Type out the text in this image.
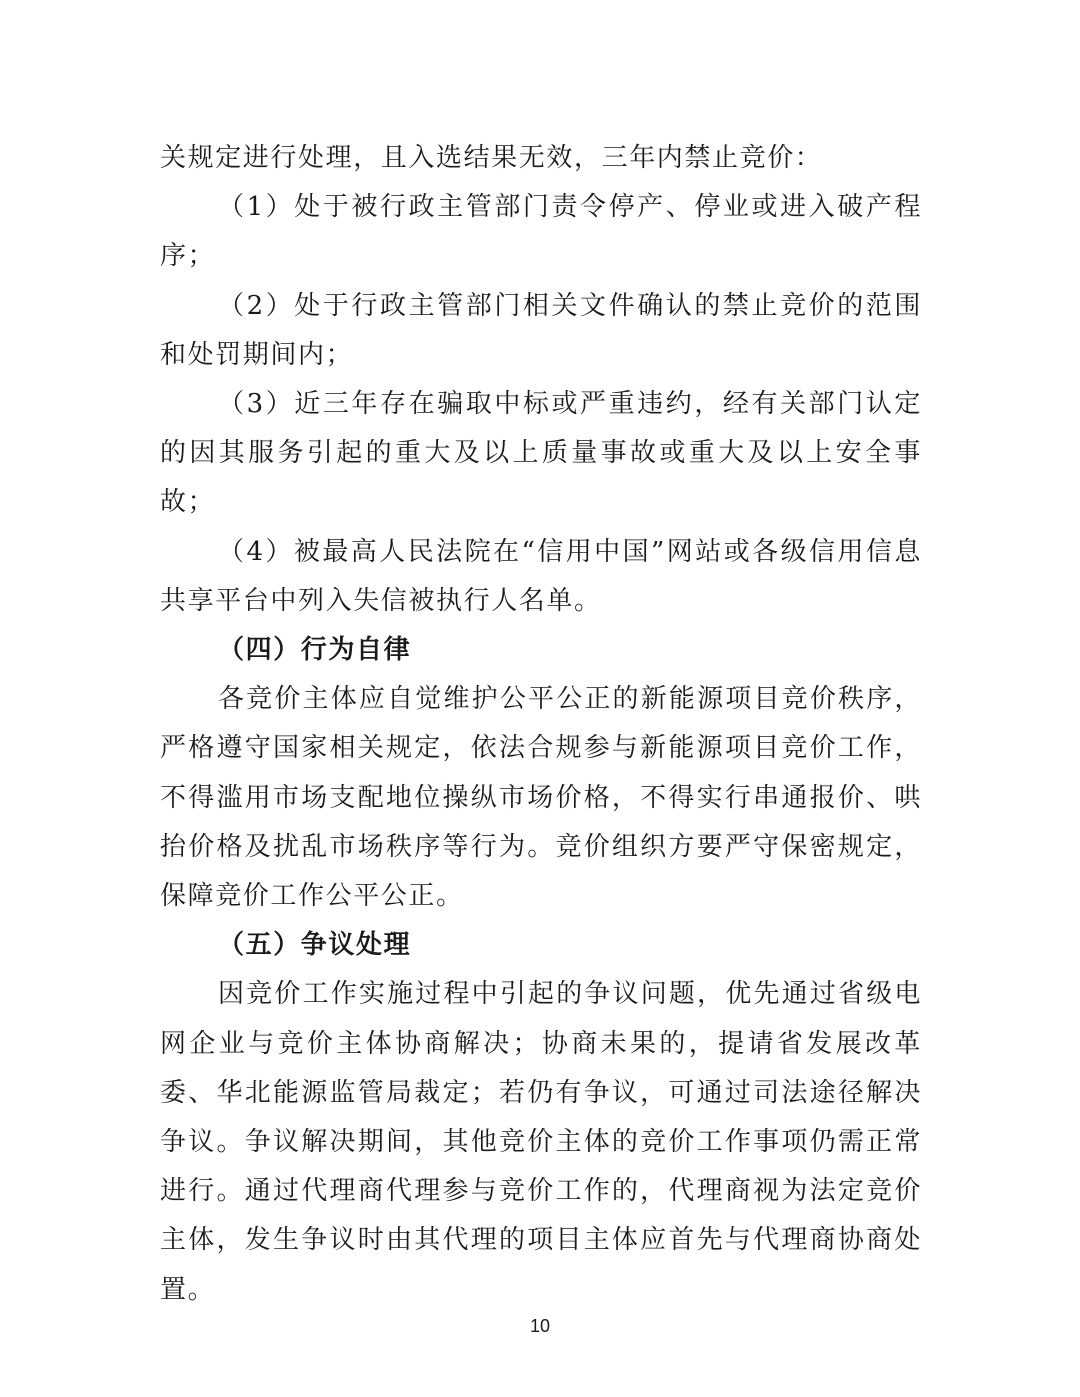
关规定进行处理，且入选结果无效，三年内禁止竞价：

（1）处于被行政主管部门责令停产、停业或进入破产程序；

（2）处于行政主管部门相关文件确认的禁止竞价的范围和处罚期间内；

（3）近三年存在骗取中标或严重违约，经有关部门认定的因其服务引起的重大及以上质量事故或重大及以上安全事故；

（4）被最高人民法院在“信用中国”网站或各级信用信息共享平台中列入失信被执行人名单。

（四）行为自律

各竞价主体应自觉维护公平公正的新能源项目竞价秩序，严格遵守国家相关规定，依法合规参与新能源项目竞价工作，不得滥用市场支配地位操纵市场价格，不得实行串通报价、哄抬价格及扰乱市场秩序等行为。竞价组织方要严守保密规定，保障竞价工作公平公正。

（五）争议处理

因竞价工作实施过程中引起的争议问题，优先通过省级电网企业与竞价主体协商解决；协商未果的，提请省发展改革委、华北能源监管局裁定；若仍有争议，可通过司法途径解决争议。争议解决期间，其他竞价主体的竞价工作事项仍需正常进行。通过代理商代理参与竞价工作的，代理商视为法定竞价主体，发生争议时由其代理的项目主体应首先与代理商协商处置。

10
